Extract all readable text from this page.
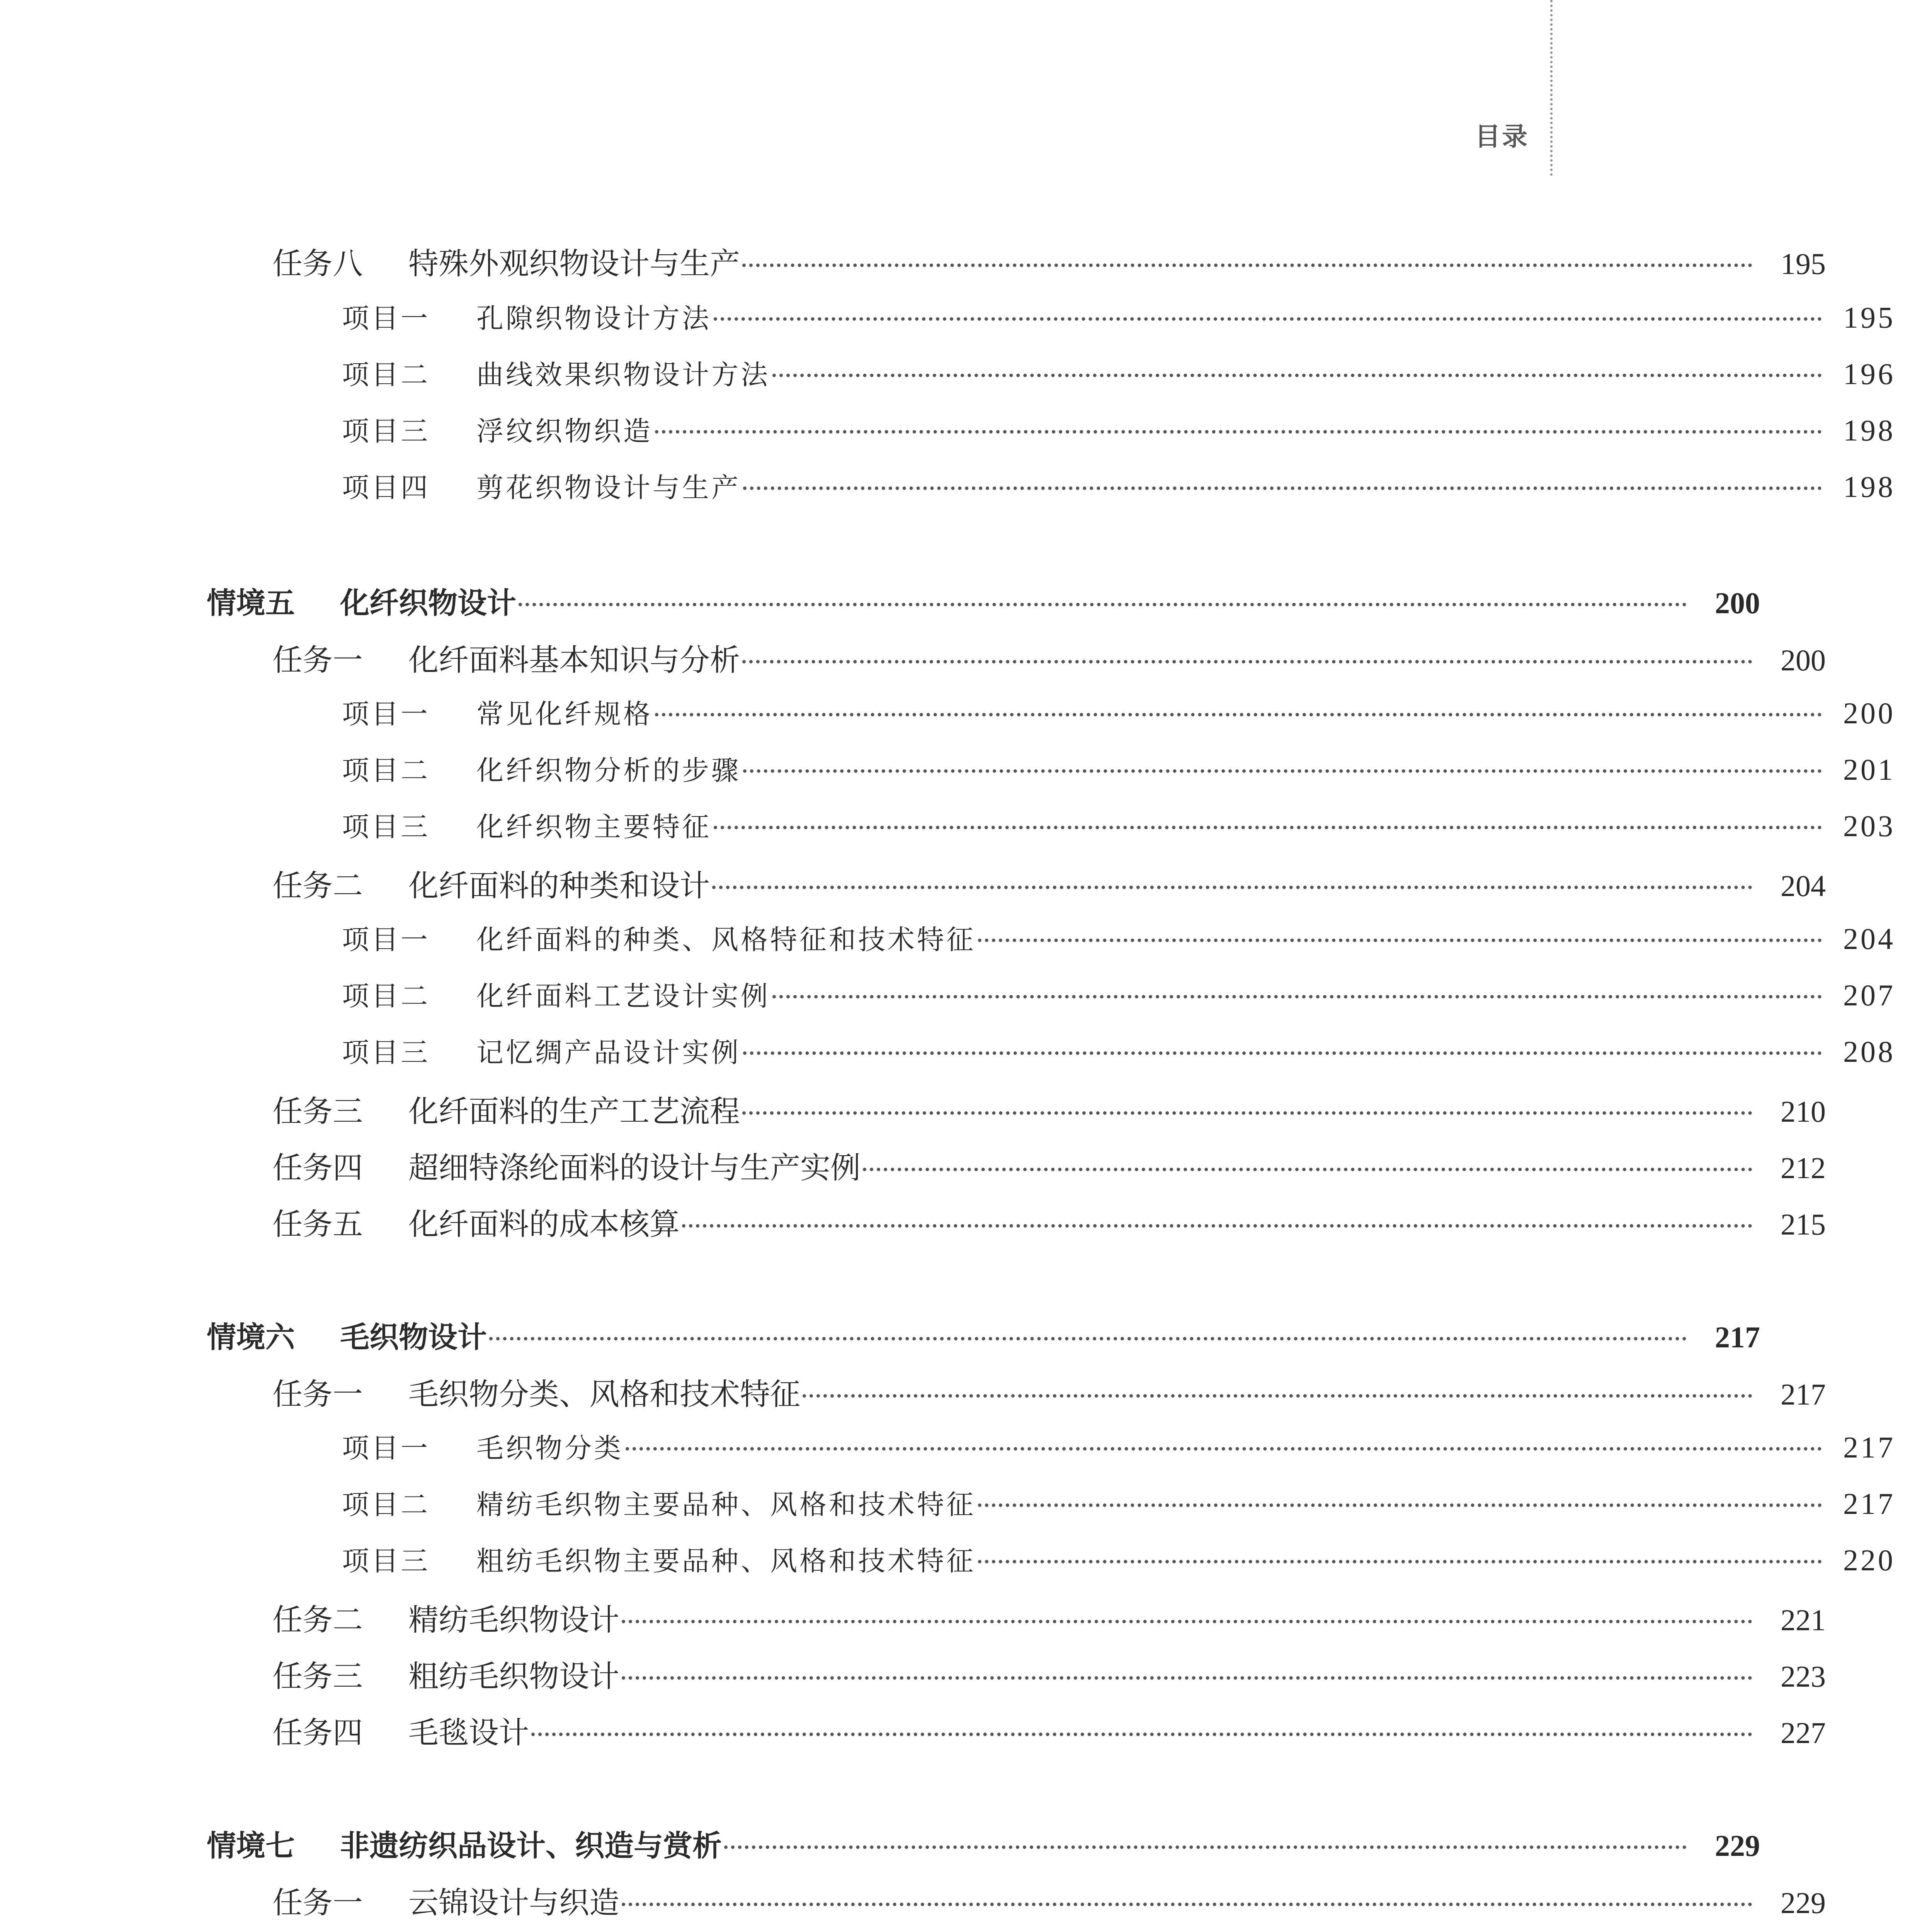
目录
任务八	特殊外观织物设计与生产	195
项目一	孔隙织物设计方法	195
项目二	曲线效果织物设计方法	196
项目三	浮纹织物织造	198
项目四	剪花织物设计与生产	198
情境五	化纤织物设计	200
任务一	化纤面料基本知识与分析	200
项目一	常见化纤规格	200
项目二	化纤织物分析的步骤	201
项目三	化纤织物主要特征	203
任务二	化纤面料的种类和设计	204
项目一	化纤面料的种类、风格特征和技术特征	204
项目二	化纤面料工艺设计实例	207
项目三	记忆绸产品设计实例	208
任务三	化纤面料的生产工艺流程	210
任务四	超细特涤纶面料的设计与生产实例	212
任务五	化纤面料的成本核算	215
情境六	毛织物设计	217
任务一	毛织物分类、风格和技术特征	217
项目一	毛织物分类	217
项目二	精纺毛织物主要品种、风格和技术特征	217
项目三	粗纺毛织物主要品种、风格和技术特征	220
任务二	精纺毛织物设计	221
任务三	粗纺毛织物设计	223
任务四	毛毯设计	227
情境七	非遗纺织品设计、织造与赏析	229
任务一	云锦设计与织造	229
